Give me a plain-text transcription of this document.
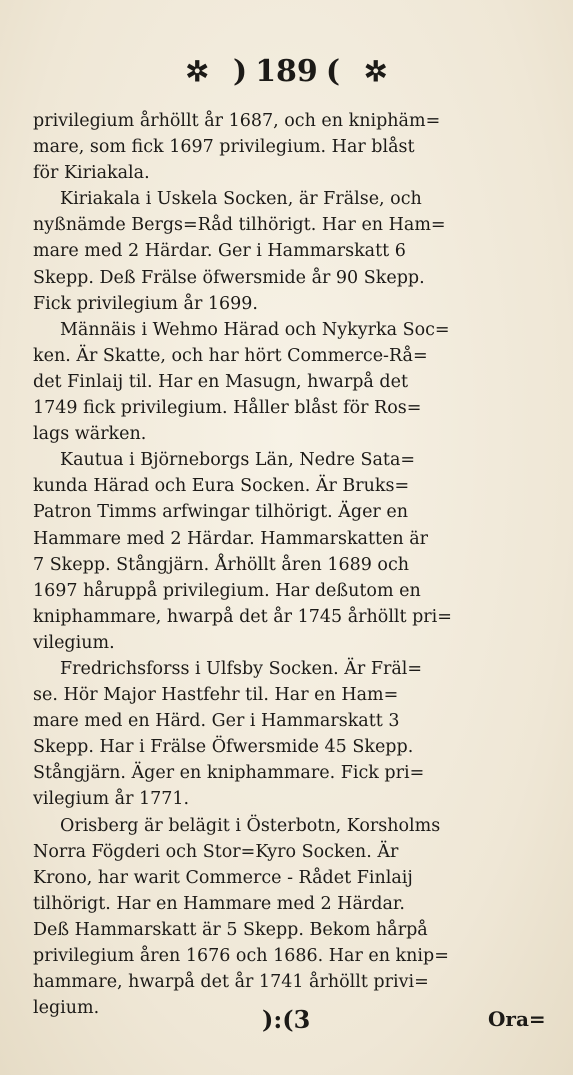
✲ ) 189 ( ✲
privilegium århöllt år 1687, och en kniphäm=
mare, som fick 1697 privilegium. Har blåst
för Kiriakala.
Kiriakala i Uskela Socken, är Frälse, och
nyßnämde Bergs=Råd tilhörigt. Har en Ham=
mare med 2 Härdar. Ger i Hammarskatt 6
Skepp. Deß Frälse öfwersmide år 90 Skepp.
Fick privilegium år 1699.
Männäis i Wehmo Härad och Nykyrka Soc=
ken. Är Skatte, och har hört Commerce-Rå=
det Finlaij til. Har en Masugn, hwarpå det
1749 fick privilegium. Håller blåst för Ros=
lags wärken.
Kautua i Björneborgs Län, Nedre Sata=
kunda Härad och Eura Socken. Är Bruks=
Patron Timms arfwingar tilhörigt. Äger en
Hammare med 2 Härdar. Hammarskatten är
7 Skepp. Stångjärn. Århöllt åren 1689 och
1697 håruppå privilegium. Har deßutom en
kniphammare, hwarpå det år 1745 århöllt pri=
vilegium.
Fredrichsforss i Ulfsby Socken. Är Fräl=
se. Hör Major Hastfehr til. Har en Ham=
mare med en Härd. Ger i Hammarskatt 3
Skepp. Har i Frälse Öfwersmide 45 Skepp.
Stångjärn. Äger en kniphammare. Fick pri=
vilegium år 1771.
Orisberg är belägit i Österbotn, Korsholms
Norra Fögderi och Stor=Kyro Socken. Är
Krono, har warit Commerce - Rådet Finlaij
tilhörigt. Har en Hammare med 2 Härdar.
Deß Hammarskatt är 5 Skepp. Bekom hårpå
privilegium åren 1676 och 1686. Har en knip=
hammare, hwarpå det år 1741 århöllt privi=
legium.	):(3	Ora=
